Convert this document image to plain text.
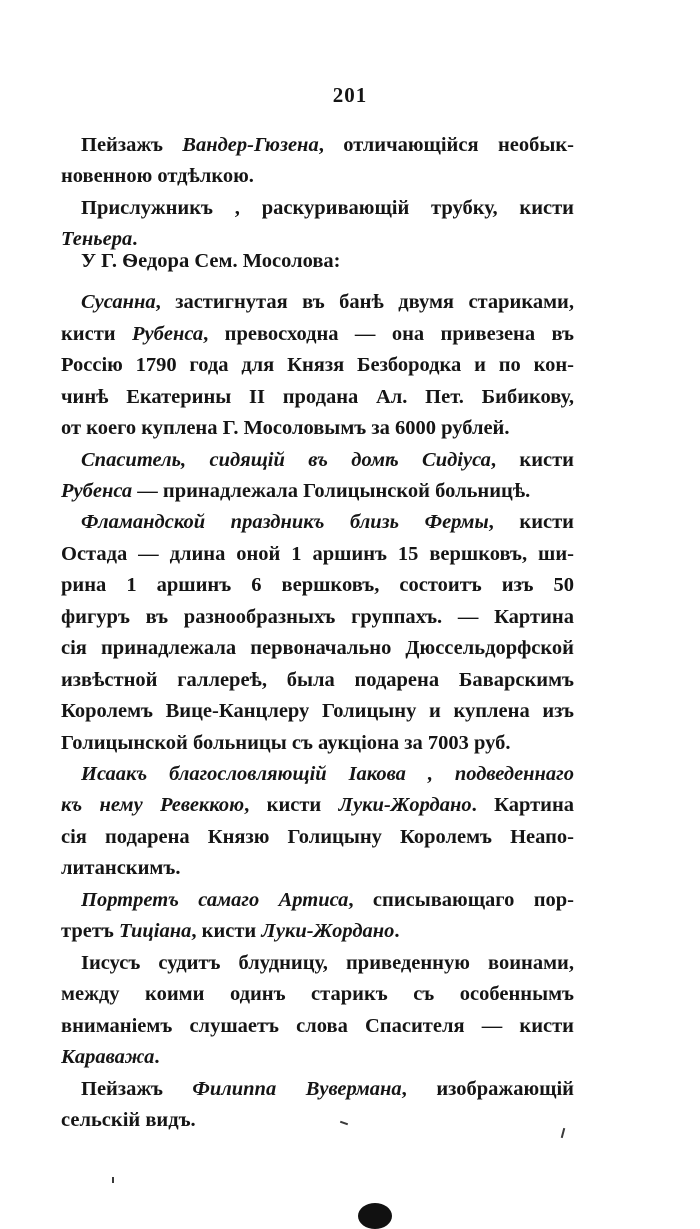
201
Пейзажъ Вандер-Гюзена, отличающійся необык-
новенною отдѣлкою.
Прислужникъ , раскуривающій трубку, кисти
Теньера.
У Г. Ѳедора Сем. Мосолова:
Сусанна, застигнутая въ банѣ двумя стариками,
кисти Рубенса, превосходна — она привезена въ
Россію 1790 года для Князя Безбородка и по кон-
чинѣ Екатерины II продана Ал. Пет. Бибикову,
от коего куплена Г. Мосоловымъ за 6000 рублей.
Спаситель, сидящій въ домѣ Сидіуса, кисти
Рубенса — принадлежала Голицынской больницѣ.
Фламандской праздникъ близь Фермы, кисти
Остада — длина оной 1 аршинъ 15 вершковъ, ши-
рина 1 аршинъ 6 вершковъ, состоитъ изъ 50
фигуръ въ разнообразныхъ группахъ. — Картина
сія принадлежала первоначально Дюссельдорфской
извѣстной галлереѣ, была подарена Баварскимъ
Королемъ Вице-Канцлеру Голицыну и куплена изъ
Голицынской больницы съ аукціона за 7003 руб.
Исаакъ благословляющій Іакова , подведеннаго
къ нему Ревеккою, кисти Луки-Жордано. Картина
сія подарена Князю Голицыну Королемъ Неапо-
литанскимъ.
Портретъ самаго Артиса, списывающаго пор-
третъ Тиціана, кисти Луки-Жордано.
Іисусъ судитъ блудницу, приведенную воинами,
между коими одинъ старикъ съ особеннымъ
вниманіемъ слушаетъ слова Спасителя — кисти
Караважа.
Пейзажъ Филиппа Вувермана, изображающій
сельскій видъ.
